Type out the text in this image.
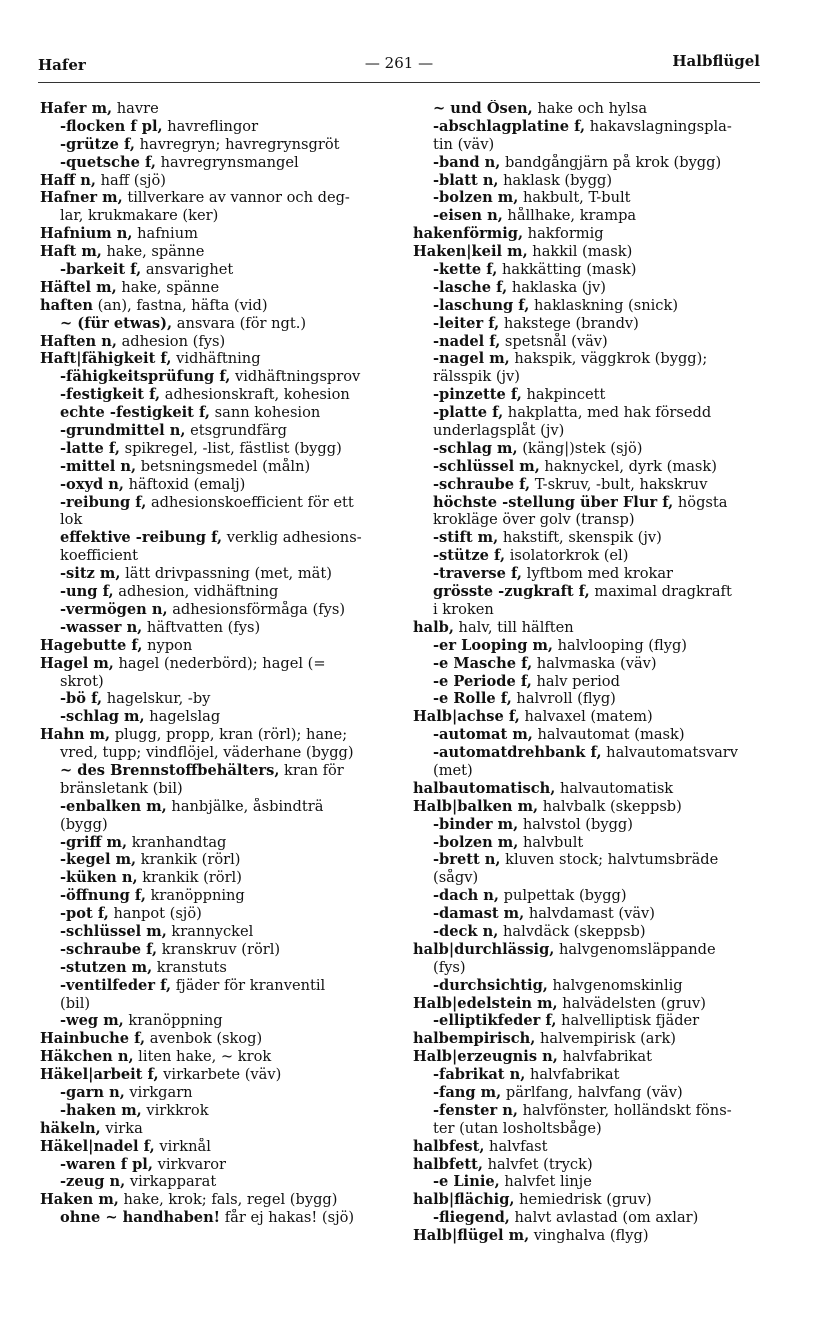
Hafer	— 261 —	Halbflügel
Hafer m, havre
-flocken f pl, havreflingor
-grütze f, havregryn; havregrynsgröt
-quetsche f, havregrynsmangel
Haff n, haff (sjö)
Hafner m, tillverkare av vannor och deg-
lar, krukmakare (ker)
Hafnium n, hafnium
Haft m, hake, spänne
-barkeit f, ansvarighet
Häftel m, hake, spänne
haften (an), fastna, häfta (vid)
~ (für etwas), ansvara (för ngt.)
Haften n, adhesion (fys)
Haft|fähigkeit f, vidhäftning
-fähigkeitsprüfung f, vidhäftningsprov
-festigkeit f, adhesionskraft, kohesion
echte -festigkeit f, sann kohesion
-grundmittel n, etsgrundfärg
-latte f, spikregel, -list, fästlist (bygg)
-mittel n, betsningsmedel (måln)
-oxyd n, häftoxid (emalj)
-reibung f, adhesionskoefficient för ett
lok
effektive -reibung f, verklig adhesions-
koefficient
-sitz m, lätt drivpassning (met, mät)
-ung f, adhesion, vidhäftning
-vermögen n, adhesionsförmåga (fys)
-wasser n, häftvatten (fys)
Hagebutte f, nypon
Hagel m, hagel (nederbörd); hagel (=
skrot)
-bö f, hagelskur, -by
-schlag m, hagelslag
Hahn m, plugg, propp, kran (rörl); hane;
vred, tupp; vindflöjel, väderhane (bygg)
~ des Brennstoffbehälters, kran för
bränsletank (bil)
-enbalken m, hanbjälke, åsbindträ
(bygg)
-griff m, kranhandtag
-kegel m, krankik (rörl)
-küken n, krankik (rörl)
-öffnung f, kranöppning
-pot f, hanpot (sjö)
-schlüssel m, krannyckel
-schraube f, kranskruv (rörl)
-stutzen m, kranstuts
-ventilfeder f, fjäder för kranventil
(bil)
-weg m, kranöppning
Hainbuche f, avenbok (skog)
Häkchen n, liten hake, ~ krok
Häkel|arbeit f, virkarbete (väv)
-garn n, virkgarn
-haken m, virkkrok
häkeln, virka
Häkel|nadel f, virknål
-waren f pl, virkvaror
-zeug n, virkapparat
Haken m, hake, krok; fals, regel (bygg)
ohne ~ handhaben! får ej hakas! (sjö)
~ und Ösen, hake och hylsa
-abschlagplatine f, hakavslagningspla-
tin (väv)
-band n, bandgångjärn på krok (bygg)
-blatt n, haklask (bygg)
-bolzen m, hakbult, T-bult
-eisen n, hållhake, krampa
hakenförmig, hakformig
Haken|keil m, hakkil (mask)
-kette f, hakkätting (mask)
-lasche f, haklaska (jv)
-laschung f, haklaskning (snick)
-leiter f, hakstege (brandv)
-nadel f, spetsnål (väv)
-nagel m, hakspik, väggkrok (bygg);
rälsspik (jv)
-pinzette f, hakpincett
-platte f, hakplatta, med hak försedd
underlagsplåt (jv)
-schlag m, (käng|)stek (sjö)
-schlüssel m, haknyckel, dyrk (mask)
-schraube f, T-skruv, -bult, hakskruv
höchste -stellung über Flur f, högsta
krokläge över golv (transp)
-stift m, hakstift, skenspik (jv)
-stütze f, isolatorkrok (el)
-traverse f, lyftbom med krokar
grösste -zugkraft f, maximal dragkraft
i kroken
halb, halv, till hälften
-er Looping m, halvlooping (flyg)
-e Masche f, halvmaska (väv)
-e Periode f, halv period
-e Rolle f, halvroll (flyg)
Halb|achse f, halvaxel (matem)
-automat m, halvautomat (mask)
-automatdrehbank f, halvautomatsvarv
(met)
halbautomatisch, halvautomatisk
Halb|balken m, halvbalk (skeppsb)
-binder m, halvstol (bygg)
-bolzen m, halvbult
-brett n, kluven stock; halvtumsbräde
(sågv)
-dach n, pulpettak (bygg)
-damast m, halvdamast (väv)
-deck n, halvdäck (skeppsb)
halb|durchlässig, halvgenomsläppande
(fys)
-durchsichtig, halvgenomskinlig
Halb|edelstein m, halvädelsten (gruv)
-elliptikfeder f, halvelliptisk fjäder
halbempirisch, halvempirisk (ark)
Halb|erzeugnis n, halvfabrikat
-fabrikat n, halvfabrikat
-fang m, pärlfang, halvfang (väv)
-fenster n, halvfönster, holländskt föns-
ter (utan losholtsbåge)
halbfest, halvfast
halbfett, halvfet (tryck)
-e Linie, halvfet linje
halb|flächig, hemiedrisk (gruv)
-fliegend, halvt avlastad (om axlar)
Halb|flügel m, vinghalva (flyg)
